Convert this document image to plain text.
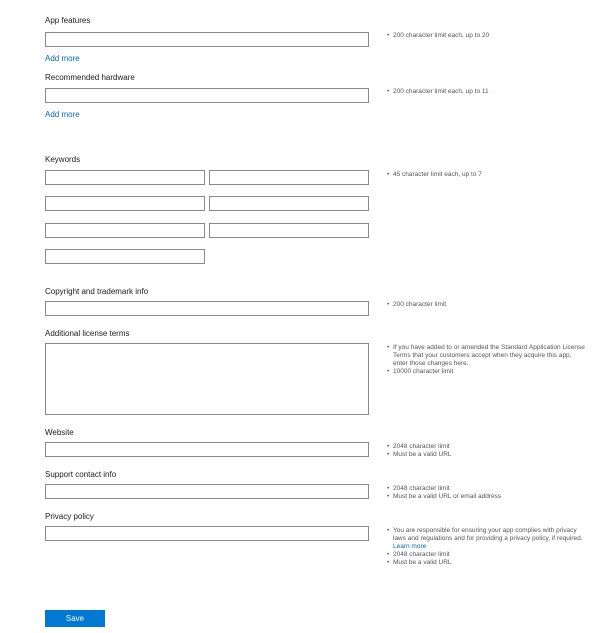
App features
Add more
• 200 character limit each, up to 20
Recommended hardware
Add more
• 200 character limit each, up to 11
Keywords
• 45 character limit each, up to 7
Copyright and trademark info
• 200 character limit
Additional license terms
• If you have added to or amended the Standard Application License Terms that your customers accept when they acquire this app, enter those changes here.
• 10000 character limit
Website
• 2048 character limit
• Must be a valid URL
Support contact info
• 2048 character limit
• Must be a valid URL or email address
Privacy policy
• You are responsible for ensuring your app complies with privacy laws and regulations and for providing a privacy policy, if required. Learn more
• 2048 character limit
• Must be a valid URL
Save
